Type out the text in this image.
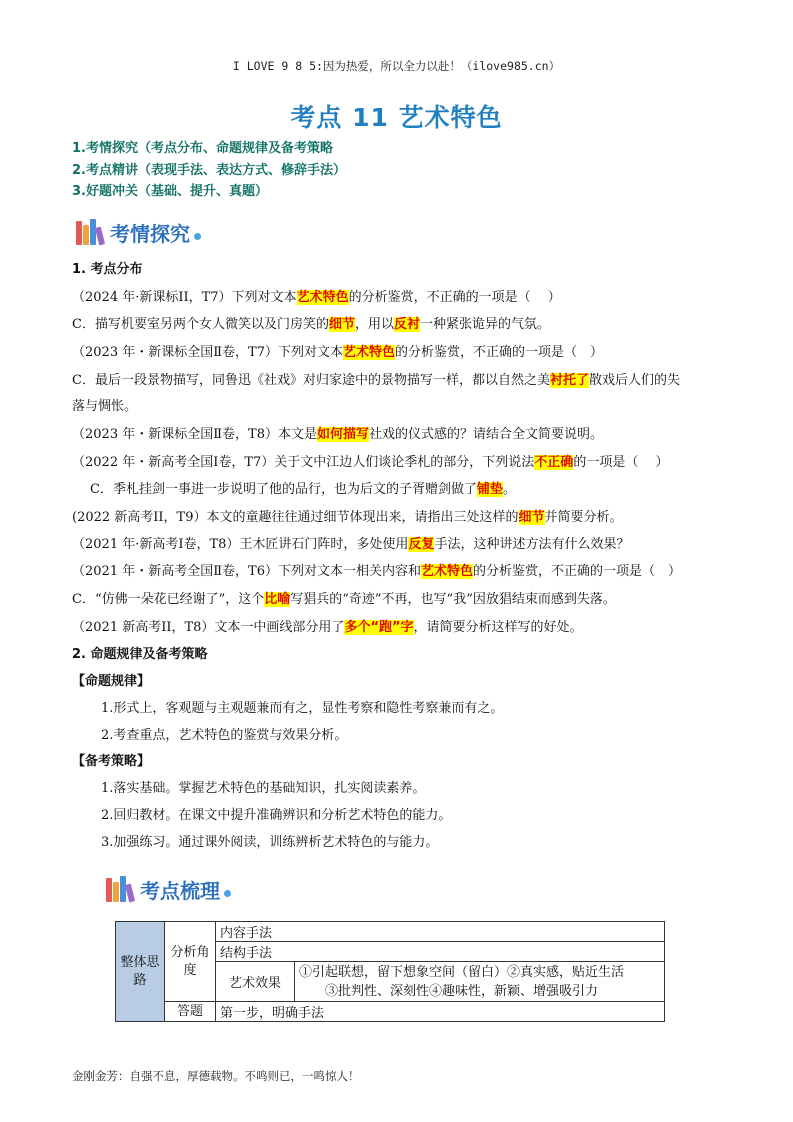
I LOVE 9 8 5:因为热爱，所以全力以赴！（ilove985.cn）
考点 11 艺术特色
1.考情探究（考点分布、命题规律及备考策略
2.考点精讲（表现手法、表达方式、修辞手法）
3.好题冲关（基础、提升、真题）
考情探究
1. 考点分布
（2024 年·新课标II，T7）下列对文本艺术特色的分析鉴赏，不正确的一项是（　 ）
C．描写机要室另两个女人微笑以及门房笑的细节，用以反衬一种紧张诡异的气氛。
（2023 年・新课标全国Ⅱ卷，T7）下列对文本艺术特色的分析鉴赏，不正确的一项是（　）
C．最后一段景物描写，同鲁迅《社戏》对归家途中的景物描写一样，都以自然之美衬托了散戏后人们的失
落与惆怅。
（2023 年・新课标全国Ⅱ卷，T8）本文是如何描写社戏的仪式感的？请结合全文简要说明。
（2022 年・新高考全国Ⅰ卷，T7）关于文中江边人们谈论季札的部分，下列说法不正确的一项是（　 ）
C．季札挂剑一事进一步说明了他的品行，也为后文的子胥赠剑做了铺垫。
(2022 新高考II，T9）本文的童趣往往通过细节体现出来，请指出三处这样的细节并简要分析。
（2021 年·新高考Ⅰ卷，T8）王木匠讲石门阵时，多处使用反复手法，这种讲述方法有什么效果？
（2021 年・新高考全国Ⅱ卷，T6）下列对文本一相关内容和艺术特色的分析鉴赏，不正确的一项是（　）
C．“仿佛一朵花已经谢了”，这个比喻写猖兵的“奇迹”不再，也写“我”因放猖结束而感到失落。
（2021 新高考II，T8）文本一中画线部分用了多个“跑”字，请简要分析这样写的好处。
2. 命题规律及备考策略
【命题规律】
1.形式上，客观题与主观题兼而有之，显性考察和隐性考察兼而有之。
2.考查重点，艺术特色的鉴赏与效果分析。
【备考策略】
1.落实基础。掌握艺术特色的基础知识，扎实阅读素养。
2.回归教材。在课文中提升准确辨识和分析艺术特色的能力。
3.加强练习。通过课外阅读，训练辨析艺术特色的与能力。
考点梳理
整体思路	分析角度	内容手法	
		结构手法	
		艺术效果	①引起联想，留下想象空间（留白）②真实感，贴近生活
③批判性、深刻性④趣味性，新颖、增强吸引力

	答题	第一步，明确手法	
金刚金芳：自强不息，厚德载物。不鸣则已，一鸣惊人！
